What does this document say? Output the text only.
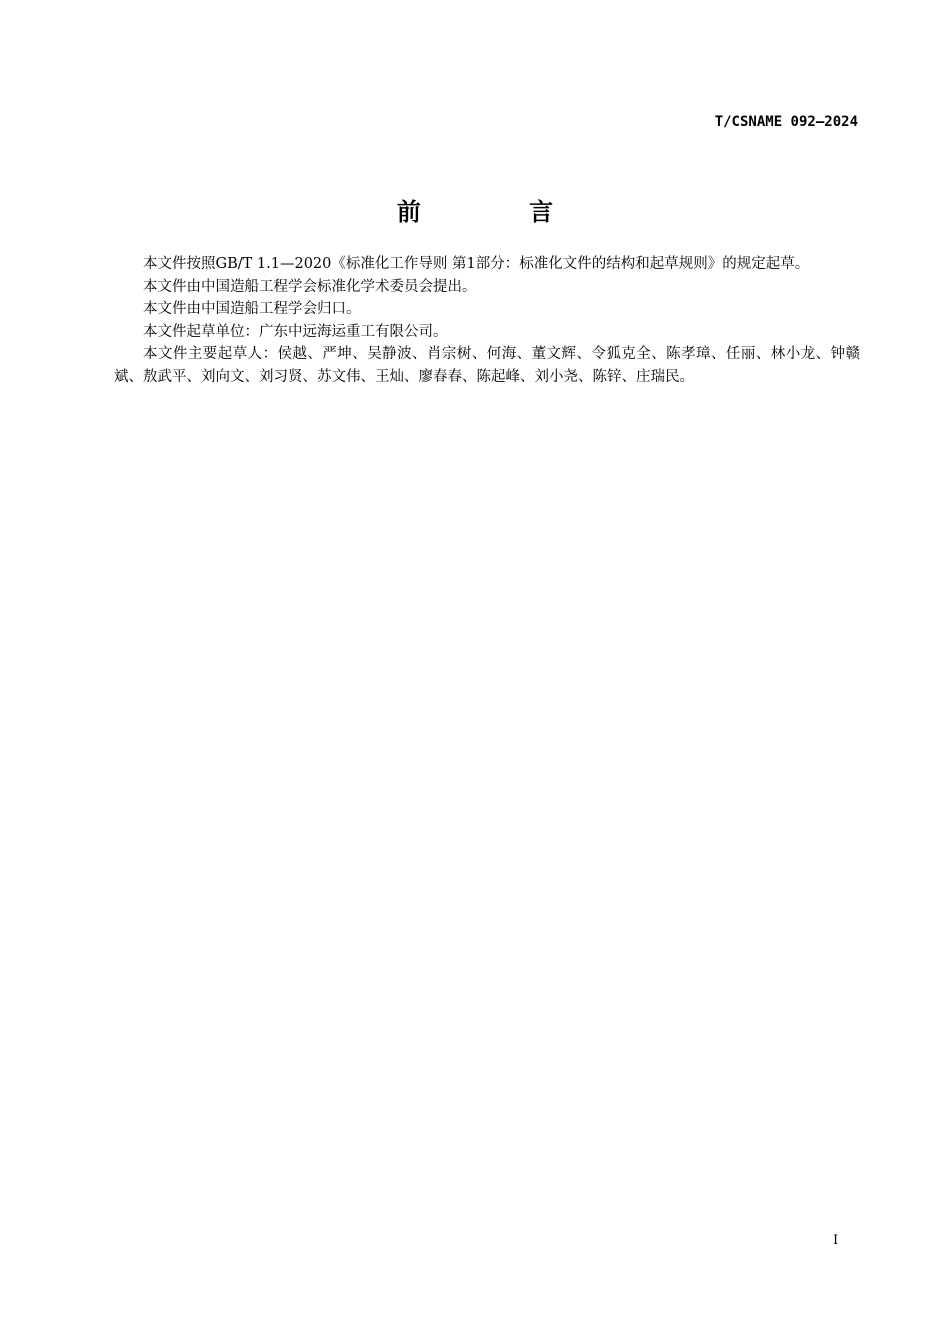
T/CSNAME 092—2024
前 言

本文件按照GB/T 1.1—2020《标准化工作导则 第1部分：标准化文件的结构和起草规则》的规定起草。

本文件由中国造船工程学会标准化学术委员会提出。

本文件由中国造船工程学会归口。

本文件起草单位：广东中远海运重工有限公司。

本文件主要起草人：侯越、严坤、吴静波、肖宗树、何海、董文辉、令狐克全、陈孝璋、任丽、林小龙、钟赣斌、敖武平、刘向文、刘习贤、苏文伟、王灿、廖春春、陈起峰、刘小尧、陈锌、庄瑞民。

I
